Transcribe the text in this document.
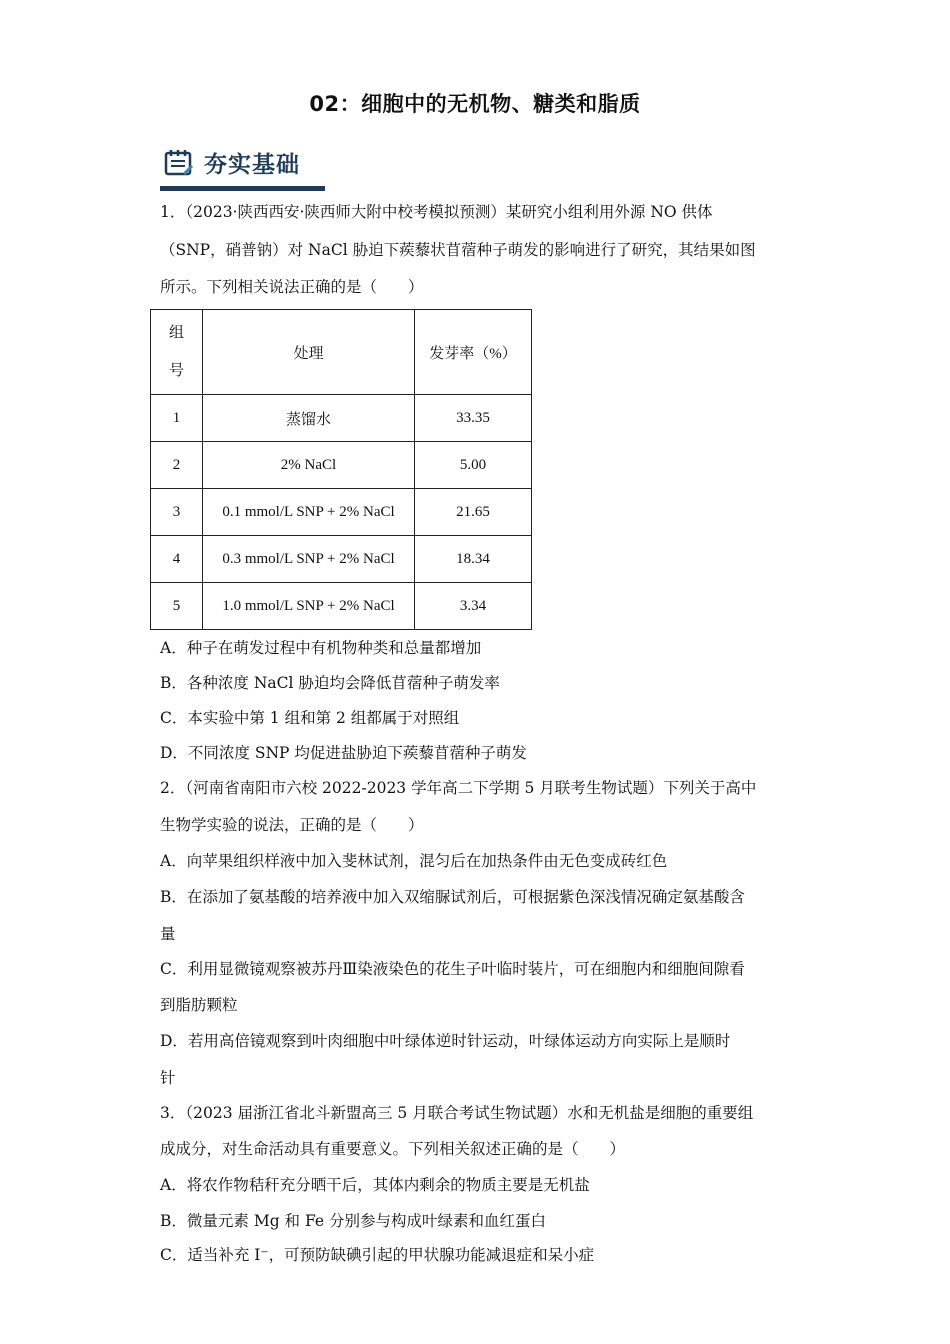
02：细胞中的无机物、糖类和脂质
夯实基础
1．（2023·陕西西安·陕西师大附中校考模拟预测）某研究小组利用外源 NO 供体
（SNP，硝普钠）对 NaCl 胁迫下蒺藜状苜蓿种子萌发的影响进行了研究，其结果如图
所示。下列相关说法正确的是（　　）
组
号	处理	发芽率（%）
1	蒸馏水	33.35
2	2% NaCl	5.00
3	0.1 mmol/L SNP + 2% NaCl	21.65
4	0.3 mmol/L SNP + 2% NaCl	18.34
5	1.0 mmol/L SNP + 2% NaCl	3.34
A．种子在萌发过程中有机物种类和总量都增加
B．各种浓度 NaCl 胁迫均会降低苜蓿种子萌发率
C．本实验中第 1 组和第 2 组都属于对照组
D．不同浓度 SNP 均促进盐胁迫下蒺藜苜蓿种子萌发
2．（河南省南阳市六校 2022-2023 学年高二下学期 5 月联考生物试题）下列关于高中
生物学实验的说法，正确的是（　　）
A．向苹果组织样液中加入斐林试剂，混匀后在加热条件由无色变成砖红色
B．在添加了氨基酸的培养液中加入双缩脲试剂后，可根据紫色深浅情况确定氨基酸含
量
C．利用显微镜观察被苏丹Ⅲ染液染色的花生子叶临时装片，可在细胞内和细胞间隙看
到脂肪颗粒
D．若用高倍镜观察到叶肉细胞中叶绿体逆时针运动，叶绿体运动方向实际上是顺时
针
3．（2023 届浙江省北斗新盟高三 5 月联合考试生物试题）水和无机盐是细胞的重要组
成成分，对生命活动具有重要意义。下列相关叙述正确的是（　　）
A．将农作物秸秆充分晒干后，其体内剩余的物质主要是无机盐
B．微量元素 Mg 和 Fe 分别参与构成叶绿素和血红蛋白
C．适当补充 I⁻，可预防缺碘引起的甲状腺功能减退症和呆小症
